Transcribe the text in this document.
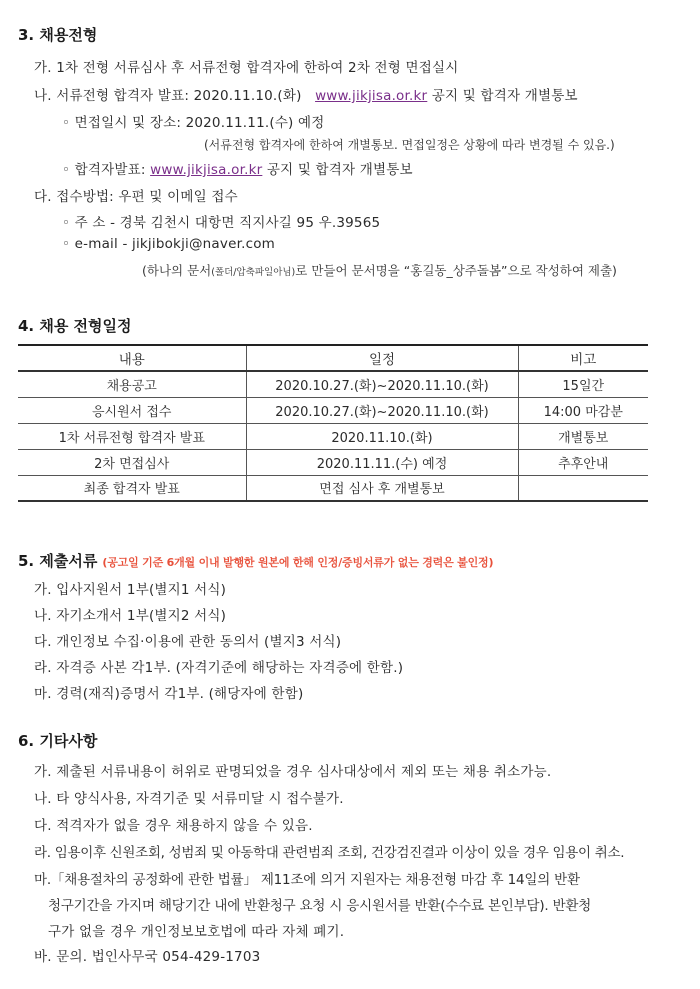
3. 채용전형
가. 1차 전형 서류심사 후 서류전형 합격자에 한하여 2차 전형 면접실시
나. 서류전형 합격자 발표: 2020.11.10.(화) www.jikjisa.or.kr 공지 및 합격자 개별통보
◦ 면접일시 및 장소: 2020.11.11.(수) 예정
(서류전형 합격자에 한하여 개별통보. 면접일정은 상황에 따라 변경될 수 있음.)
◦ 합격자발표: www.jikjisa.or.kr 공지 및 합격자 개별통보
다. 접수방법: 우편 및 이메일 접수
◦ 주 소 - 경북 김천시 대항면 직지사길 95 우.39565
◦ e-mail - jikjibokji@naver.com
(하나의 문서(폴더/압축파일아님)로 만들어 문서명을 “홍길동_상주돌봄”으로 작성하여 제출)
4. 채용 전형일정
내용	일정	비고
채용공고	2020.10.27.(화)~2020.11.10.(화)	15일간
응시원서 접수	2020.10.27.(화)~2020.11.10.(화)	14:00 마감분
1차 서류전형 합격자 발표	2020.11.10.(화)	개별통보
2차 면접심사	2020.11.11.(수) 예정	추후안내
최종 합격자 발표	면접 심사 후 개별통보	
5. 제출서류 (공고일 기준 6개월 이내 발행한 원본에 한해 인정/증빙서류가 없는 경력은 불인정)
가. 입사지원서 1부(별지1 서식)
나. 자기소개서 1부(별지2 서식)
다. 개인정보 수집·이용에 관한 동의서 (별지3 서식)
라. 자격증 사본 각1부. (자격기준에 해당하는 자격증에 한함.)
마. 경력(재직)증명서 각1부. (해당자에 한함)
6. 기타사항
가. 제출된 서류내용이 허위로 판명되었을 경우 심사대상에서 제외 또는 채용 취소가능.
나. 타 양식사용, 자격기준 및 서류미달 시 접수불가.
다. 적격자가 없을 경우 채용하지 않을 수 있음.
라. 임용이후 신원조회, 성범죄 및 아동학대 관련범죄 조회, 건강검진결과 이상이 있을 경우 임용이 취소.
마.「채용절차의 공정화에 관한 법률」 제11조에 의거 지원자는 채용전형 마감 후 14일의 반환
청구기간을 가지며 해당기간 내에 반환청구 요청 시 응시원서를 반환(수수료 본인부담). 반환청
구가 없을 경우 개인정보보호법에 따라 자체 폐기.
바. 문의. 법인사무국 054-429-1703
